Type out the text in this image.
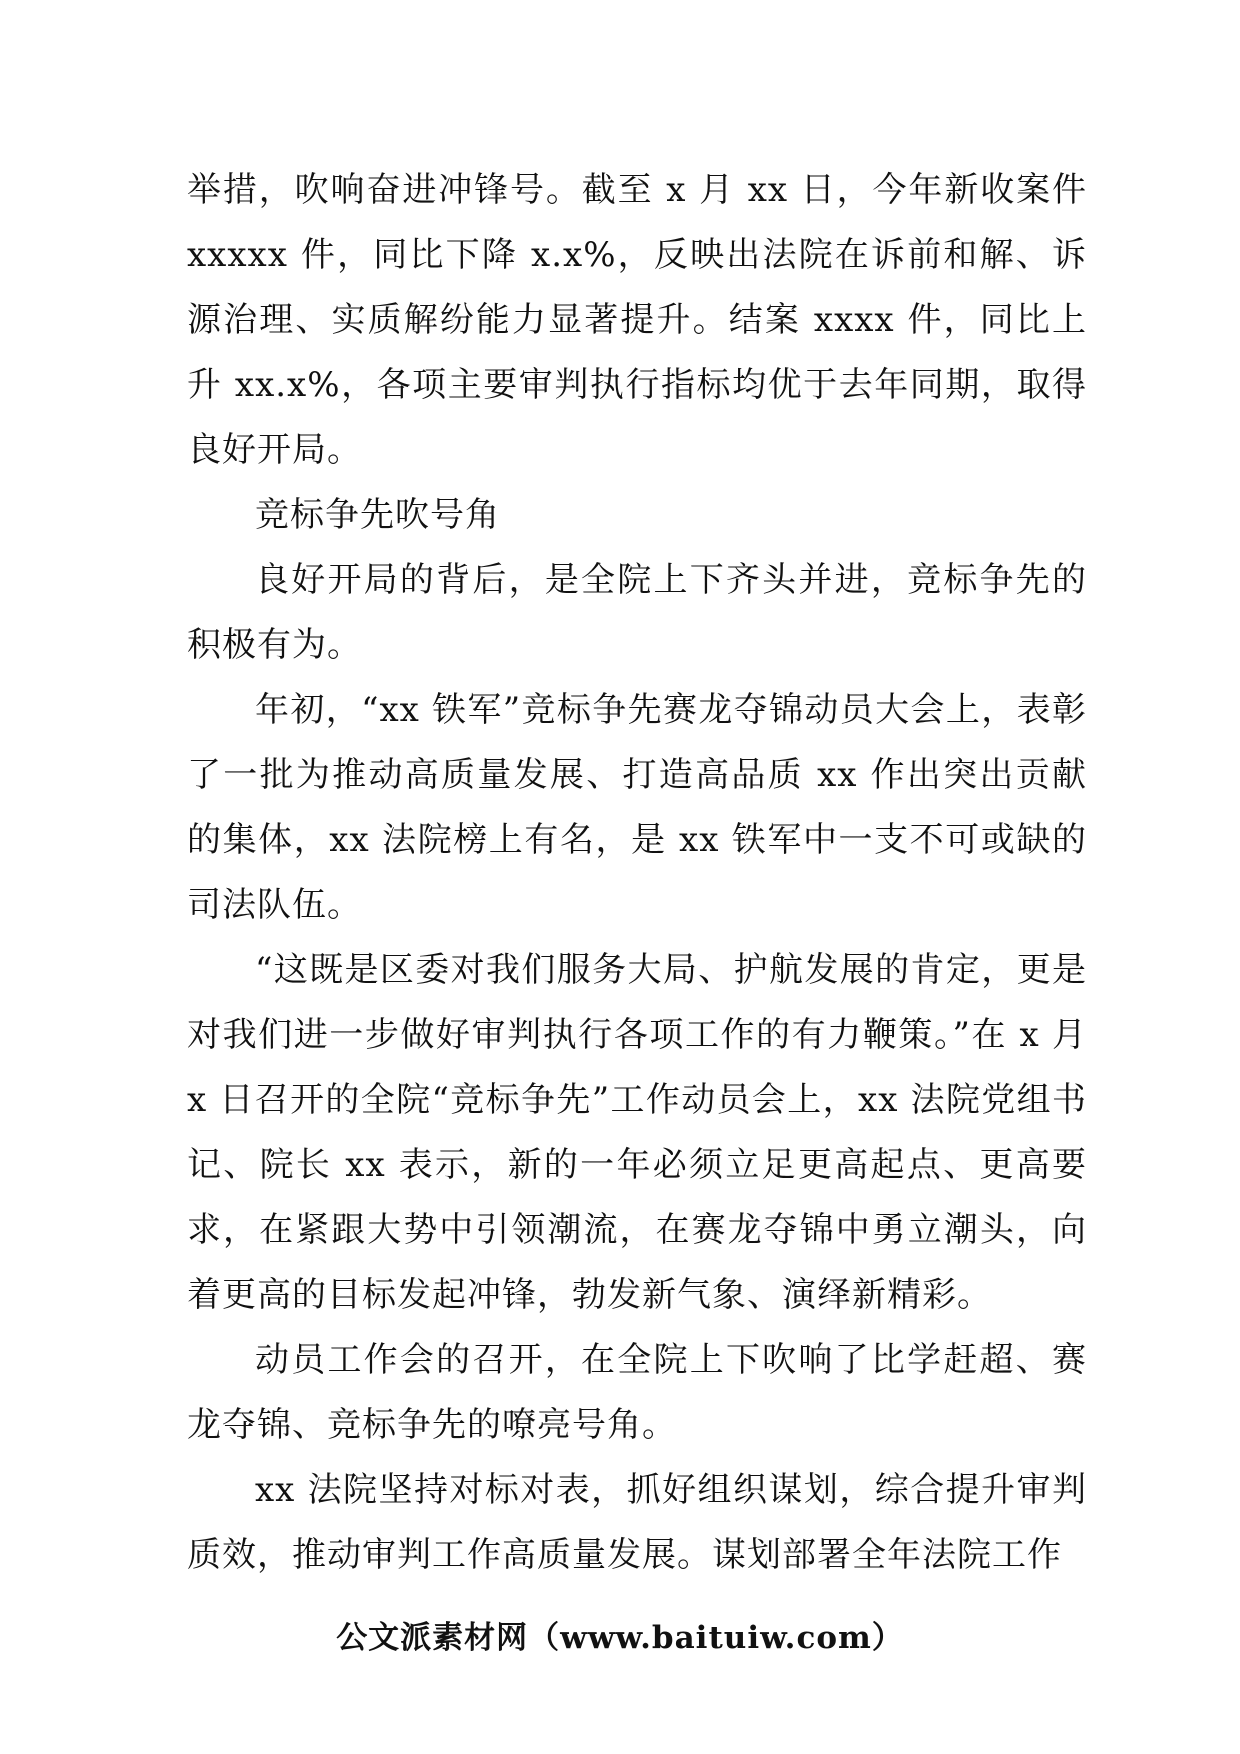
举措，吹响奋进冲锋号。截至 x 月 xx 日，今年新收案件 xxxxx 件，同比下降 x.x%，反映出法院在诉前和解、诉源治理、实质解纷能力显著提升。结案 xxxx 件，同比上升 xx.x%，各项主要审判执行指标均优于去年同期，取得良好开局。

竞标争先吹号角

良好开局的背后，是全院上下齐头并进，竞标争先的积极有为。

年初，“xx 铁军”竞标争先赛龙夺锦动员大会上，表彰了一批为推动高质量发展、打造高品质 xx 作出突出贡献的集体，xx 法院榜上有名，是 xx 铁军中一支不可或缺的司法队伍。

“这既是区委对我们服务大局、护航发展的肯定，更是对我们进一步做好审判执行各项工作的有力鞭策。”在 x 月 x 日召开的全院“竞标争先”工作动员会上，xx 法院党组书记、院长 xx 表示，新的一年必须立足更高起点、更高要求，在紧跟大势中引领潮流，在赛龙夺锦中勇立潮头，向着更高的目标发起冲锋，勃发新气象、演绎新精彩。

动员工作会的召开，在全院上下吹响了比学赶超、赛龙夺锦、竞标争先的嘹亮号角。

xx 法院坚持对标对表，抓好组织谋划，综合提升审判质效，推动审判工作高质量发展。谋划部署全年法院工作

公文派素材网（www.baituiw.com）
